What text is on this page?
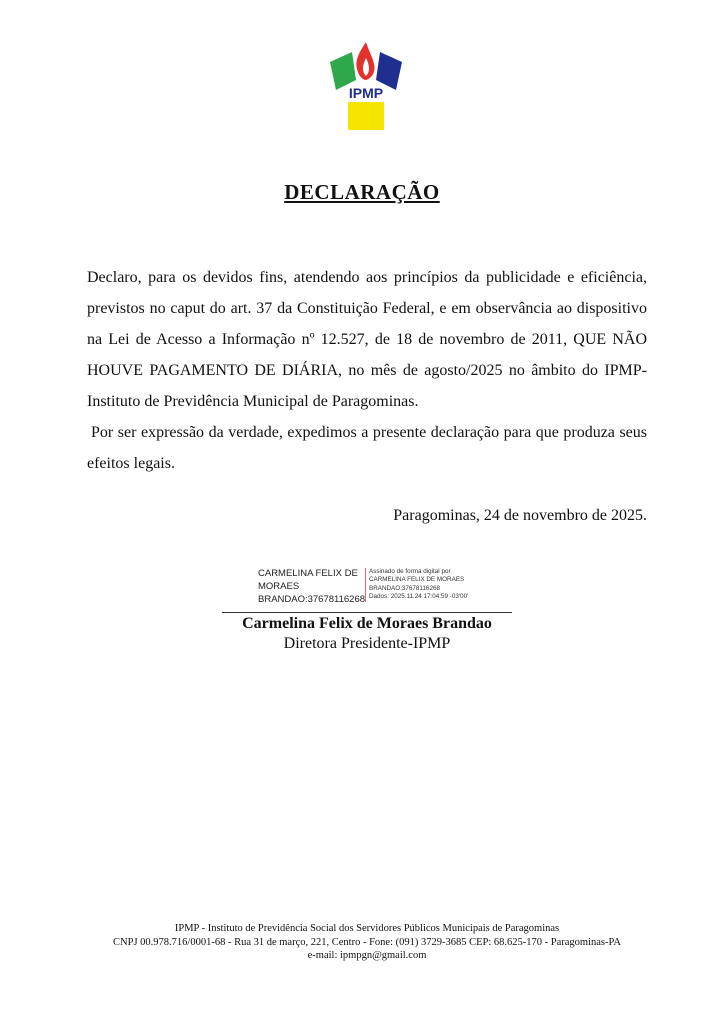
IPMP
DECLARAÇÃO

Declaro, para os devidos fins, atendendo aos princípios da publicidade e eficiência, previstos no caput do art. 37 da Constituição Federal, e em observância ao dispositivo na Lei de Acesso a Informação nº 12.527, de 18 de novembro de 2011, QUE NÃO HOUVE PAGAMENTO DE DIÁRIA, no mês de agosto/2025 no âmbito do IPMP-Instituto de Previdência Municipal de Paragominas.

Por ser expressão da verdade, expedimos a presente declaração para que produza seus efeitos legais.

Paragominas, 24 de novembro de 2025.
CARMELINA FELIX DE
MORAES
BRANDAO:37678116268
Assinado de forma digital por
CARMELINA FELIX DE MORAES
BRANDAO:37678116268
Dados: 2025.11.24 17:04:59 -03'00'
Carmelina Felix de Moraes Brandao
Diretora Presidente-IPMP
IPMP - Instituto de Previdência Social dos Servidores Públicos Municipais de Paragominas
CNPJ 00.978.716/0001-68 - Rua 31 de março, 221, Centro - Fone: (091) 3729-3685 CEP: 68.625-170 - Paragominas-PA
e-mail: ipmpgn@gmail.com
